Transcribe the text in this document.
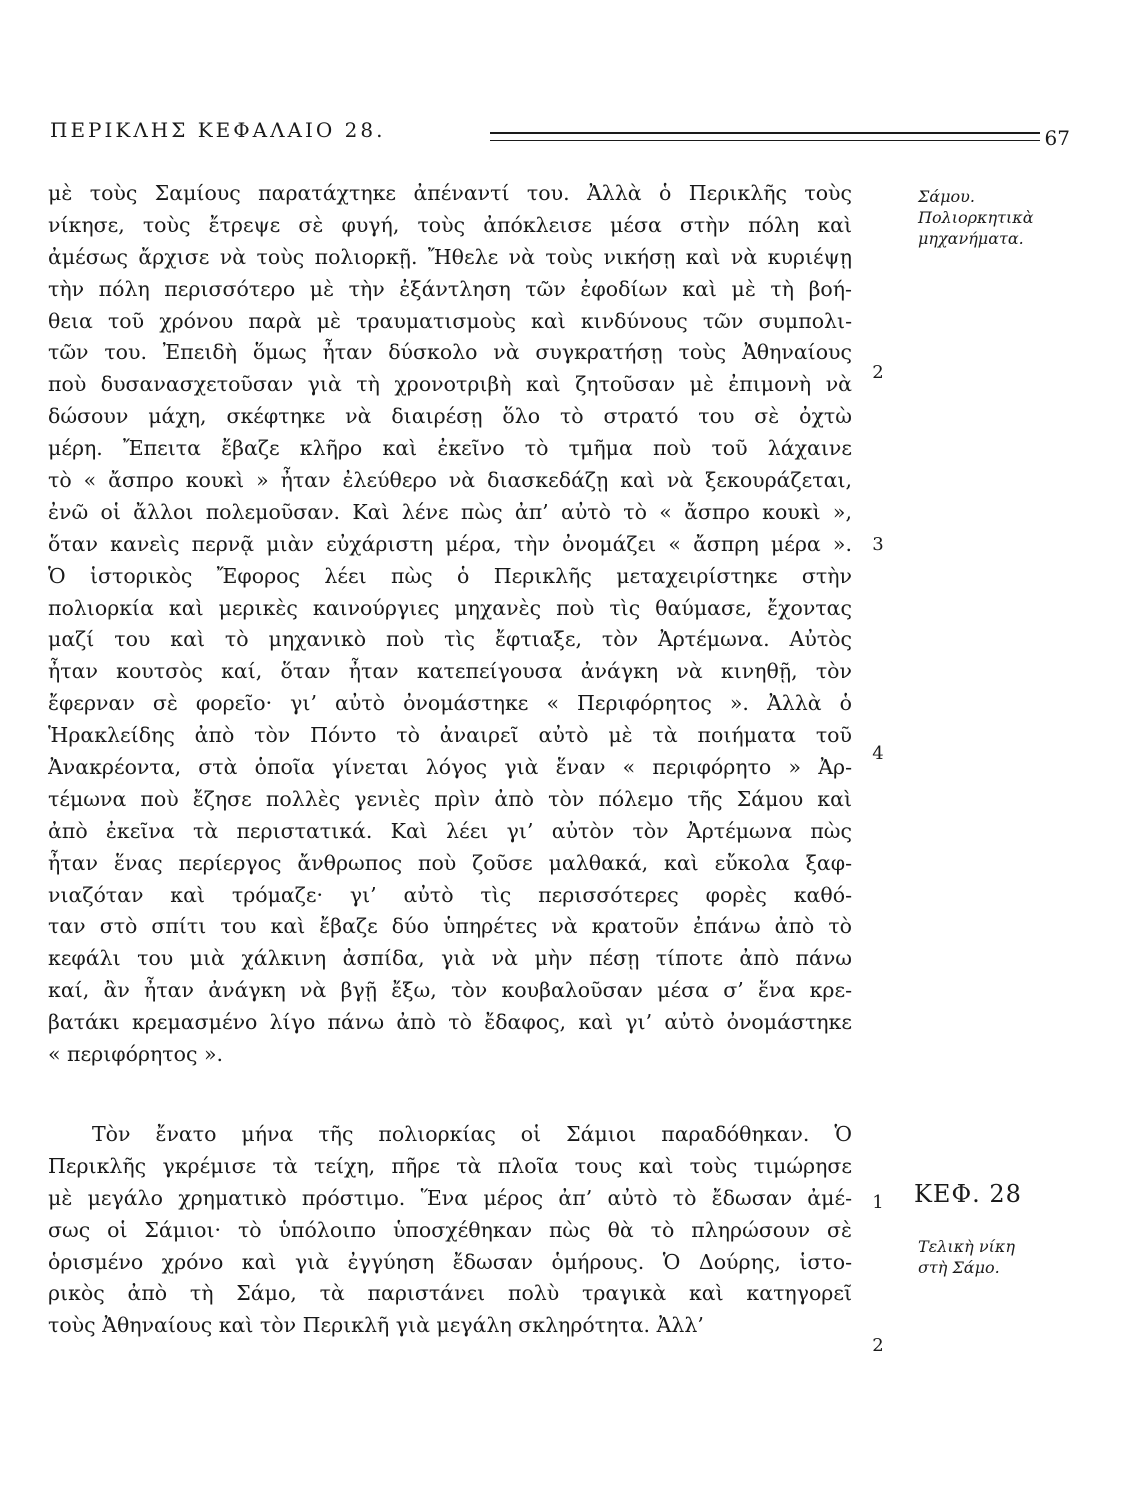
ΠΕΡΙΚΛΗΣ ΚΕΦΑΛΑΙΟ 28.	67
μὲ τοὺς Σαμίους παρατάχτηκε ἀπέναντί του. Ἀλλὰ ὁ Περικλῆς τοὺς
νίκησε, τοὺς ἔτρεψε σὲ φυγή, τοὺς ἀπόκλεισε μέσα στὴν πόλη καὶ
ἀμέσως ἄρχισε νὰ τοὺς πολιορκῇ. Ἤθελε νὰ τοὺς νικήσῃ καὶ νὰ κυριέψῃ
τὴν πόλη περισσότερο μὲ τὴν ἐξάντληση τῶν ἐφοδίων καὶ μὲ τὴ βοή-
θεια τοῦ χρόνου παρὰ μὲ τραυματισμοὺς καὶ κινδύνους τῶν συμπολι-
τῶν του. Ἐπειδὴ ὅμως ἦταν δύσκολο νὰ συγκρατήσῃ τοὺς Ἀθηναίους
ποὺ δυσανασχετοῦσαν γιὰ τὴ χρονοτριβὴ καὶ ζητοῦσαν μὲ ἐπιμονὴ νὰ
δώσουν μάχη, σκέφτηκε νὰ διαιρέσῃ ὅλο τὸ στρατό του σὲ ὀχτὼ
μέρη. Ἔπειτα ἔβαζε κλῆρο καὶ ἐκεῖνο τὸ τμῆμα ποὺ τοῦ λάχαινε
τὸ « ἄσπρο κουκὶ » ἦταν ἐλεύθερο νὰ διασκεδάζῃ καὶ νὰ ξεκουράζεται,
ἐνῶ οἱ ἄλλοι πολεμοῦσαν. Καὶ λένε πὼς ἀπ’ αὐτὸ τὸ « ἄσπρο κουκὶ »,
ὅταν κανεὶς περνᾷ μιὰν εὐχάριστη μέρα, τὴν ὀνομάζει « ἄσπρη μέρα ».
Ὁ ἱστορικὸς Ἔφορος λέει πὼς ὁ Περικλῆς μεταχειρίστηκε στὴν
πολιορκία καὶ μερικὲς καινούργιες μηχανὲς ποὺ τὶς θαύμασε, ἔχοντας
μαζί του καὶ τὸ μηχανικὸ ποὺ τὶς ἔφτιαξε, τὸν Ἀρτέμωνα. Αὐτὸς
ἦταν κουτσὸς καί, ὅταν ἦταν κατεπείγουσα ἀνάγκη νὰ κινηθῇ, τὸν
ἔφερναν σὲ φορεῖο· γι’ αὐτὸ ὀνομάστηκε « Περιφόρητος ». Ἀλλὰ ὁ
Ἡρακλείδης ἀπὸ τὸν Πόντο τὸ ἀναιρεῖ αὐτὸ μὲ τὰ ποιήματα τοῦ
Ἀνακρέοντα, στὰ ὁποῖα γίνεται λόγος γιὰ ἕναν « περιφόρητο » Ἀρ-
τέμωνα ποὺ ἔζησε πολλὲς γενιὲς πρὶν ἀπὸ τὸν πόλεμο τῆς Σάμου καὶ
ἀπὸ ἐκεῖνα τὰ περιστατικά. Καὶ λέει γι’ αὐτὸν τὸν Ἀρτέμωνα πὼς
ἦταν ἕνας περίεργος ἄνθρωπος ποὺ ζοῦσε μαλθακά, καὶ εὔκολα ξαφ-
νιαζόταν καὶ τρόμαζε· γι’ αὐτὸ τὶς περισσότερες φορὲς καθό-
ταν στὸ σπίτι του καὶ ἔβαζε δύο ὑπηρέτες νὰ κρατοῦν ἐπάνω ἀπὸ τὸ
κεφάλι του μιὰ χάλκινη ἀσπίδα, γιὰ νὰ μὴν πέσῃ τίποτε ἀπὸ πάνω
καί, ἂν ἦταν ἀνάγκη νὰ βγῇ ἔξω, τὸν κουβαλοῦσαν μέσα σ’ ἕνα κρε-
βατάκι κρεμασμένο λίγο πάνω ἀπὸ τὸ ἔδαφος, καὶ γι’ αὐτὸ ὀνομάστηκε
« περιφόρητος ».
Τὸν ἔνατο μήνα τῆς πολιορκίας οἱ Σάμιοι παραδόθηκαν. Ὁ
Περικλῆς γκρέμισε τὰ τείχη, πῆρε τὰ πλοῖα τους καὶ τοὺς τιμώρησε
μὲ μεγάλο χρηματικὸ πρόστιμο. Ἕνα μέρος ἀπ’ αὐτὸ τὸ ἔδωσαν ἀμέ-
σως οἱ Σάμιοι· τὸ ὑπόλοιπο ὑποσχέθηκαν πὼς θὰ τὸ πληρώσουν σὲ
ὁρισμένο χρόνο καὶ γιὰ ἐγγύηση ἔδωσαν ὁμήρους. Ὁ Δούρης, ἱστο-
ρικὸς ἀπὸ τὴ Σάμο, τὰ παριστάνει πολὺ τραγικὰ καὶ κατηγορεῖ
τοὺς Ἀθηναίους καὶ τὸν Περικλῆ γιὰ μεγάλη σκληρότητα. Ἀλλ’
2
3
4
1
2
Σάμου. Πολιορκητικὰ μηχανήματα.
ΚΕΦ. 28
Τελικὴ νίκη στὴ Σάμο.
